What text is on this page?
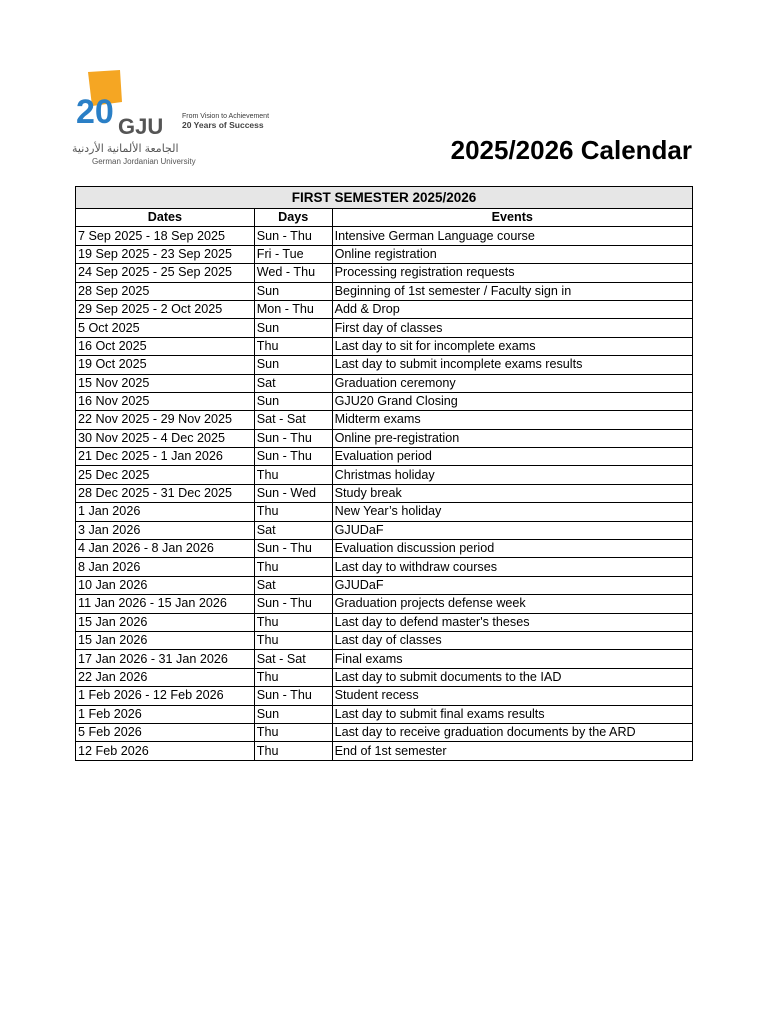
20 GJU	From Vision to Achievement
20 Years of Success
الجامعة الألمانية الأردنية
German Jordanian University	2025/2026 Calendar
FIRST SEMESTER 2025/2026		
Dates	Days	Events
7 Sep 2025 - 18 Sep 2025	Sun - Thu	Intensive German Language course
19 Sep 2025 - 23 Sep 2025	Fri - Tue	Online registration
24 Sep 2025 - 25 Sep 2025	Wed - Thu	Processing registration requests
28 Sep 2025	Sun	Beginning of 1st semester / Faculty sign in
29 Sep 2025 - 2 Oct 2025	Mon - Thu	Add & Drop
5 Oct 2025	Sun	First day of classes
16 Oct 2025	Thu	Last day to sit for incomplete exams
19 Oct 2025	Sun	Last day to submit incomplete exams results
15 Nov 2025	Sat	Graduation ceremony
16 Nov 2025	Sun	GJU20 Grand Closing
22 Nov 2025 - 29 Nov 2025	Sat - Sat	Midterm exams
30 Nov 2025 - 4 Dec 2025	Sun - Thu	Online pre-registration
21 Dec 2025 - 1 Jan 2026	Sun - Thu	Evaluation period
25 Dec 2025	Thu	Christmas holiday
28 Dec 2025 - 31 Dec 2025	Sun - Wed	Study break
1 Jan 2026	Thu	New Year’s holiday
3 Jan 2026	Sat	GJUDaF
4 Jan 2026 - 8 Jan 2026	Sun - Thu	Evaluation discussion period
8 Jan 2026	Thu	Last day to withdraw courses
10 Jan 2026	Sat	GJUDaF
11 Jan 2026 - 15 Jan 2026	Sun - Thu	Graduation projects defense week
15 Jan 2026	Thu	Last day to defend master's theses
15 Jan 2026	Thu	Last day of classes
17 Jan 2026 - 31 Jan 2026	Sat - Sat	Final exams
22 Jan 2026	Thu	Last day to submit documents to the IAD
1 Feb 2026 - 12 Feb 2026	Sun - Thu	Student recess
1 Feb 2026	Sun	Last day to submit final exams results
5 Feb 2026	Thu	Last day to receive graduation documents by the ARD
12 Feb 2026	Thu	End of 1st semester
